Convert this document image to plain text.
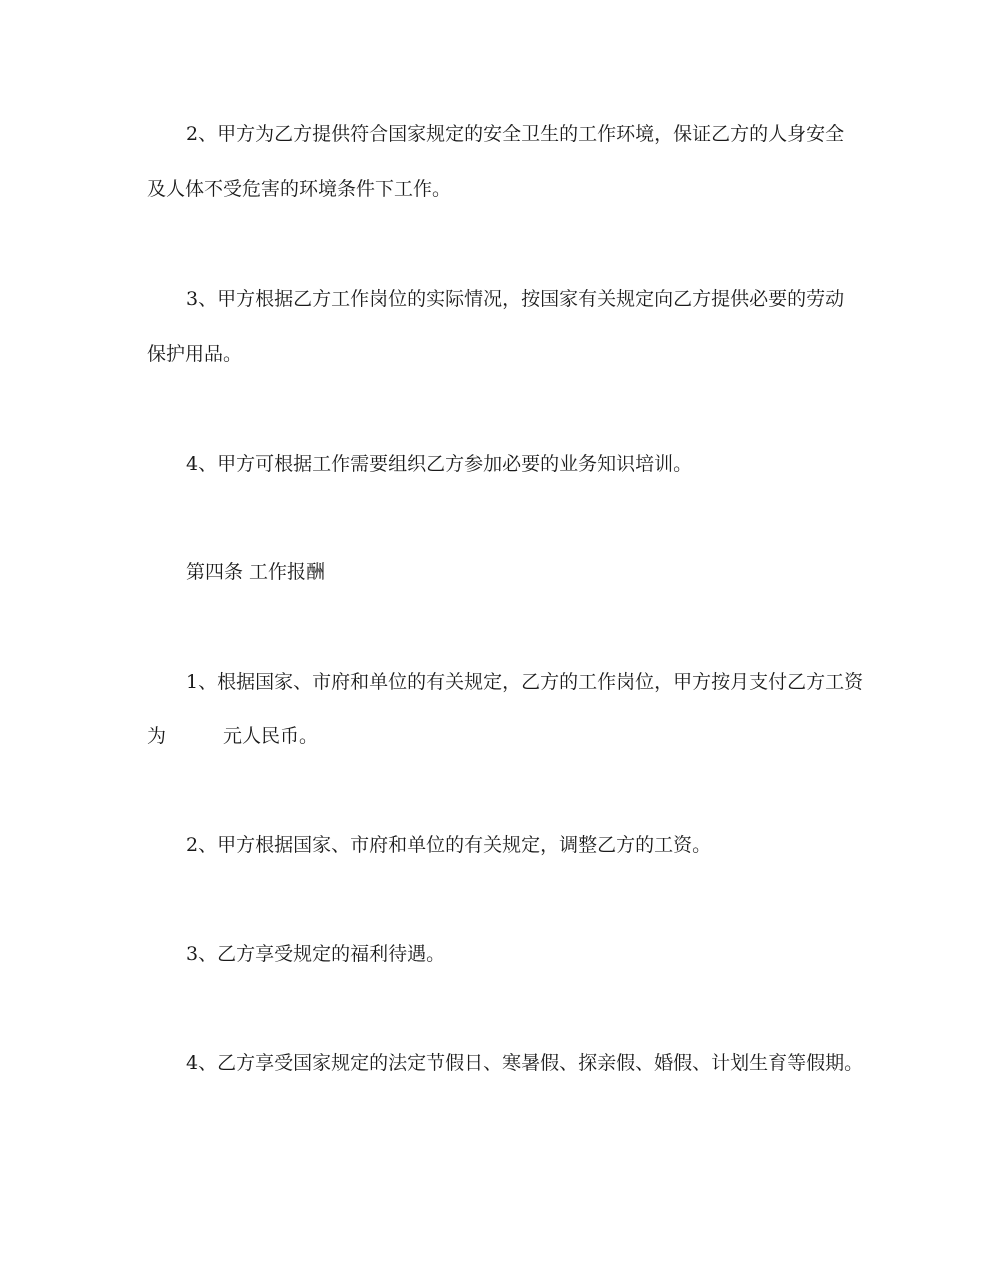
2、甲方为乙方提供符合国家规定的安全卫生的工作环境，保证乙方的人身安全
及人体不受危害的环境条件下工作。
3、甲方根据乙方工作岗位的实际情况，按国家有关规定向乙方提供必要的劳动
保护用品。
4、甲方可根据工作需要组织乙方参加必要的业务知识培训。
第四条 工作报酬
1、根据国家、市府和单位的有关规定，乙方的工作岗位，甲方按月支付乙方工资
为	元人民币。
2、甲方根据国家、市府和单位的有关规定，调整乙方的工资。
3、乙方享受规定的福利待遇。
4、乙方享受国家规定的法定节假日、寒暑假、探亲假、婚假、计划生育等假期。
